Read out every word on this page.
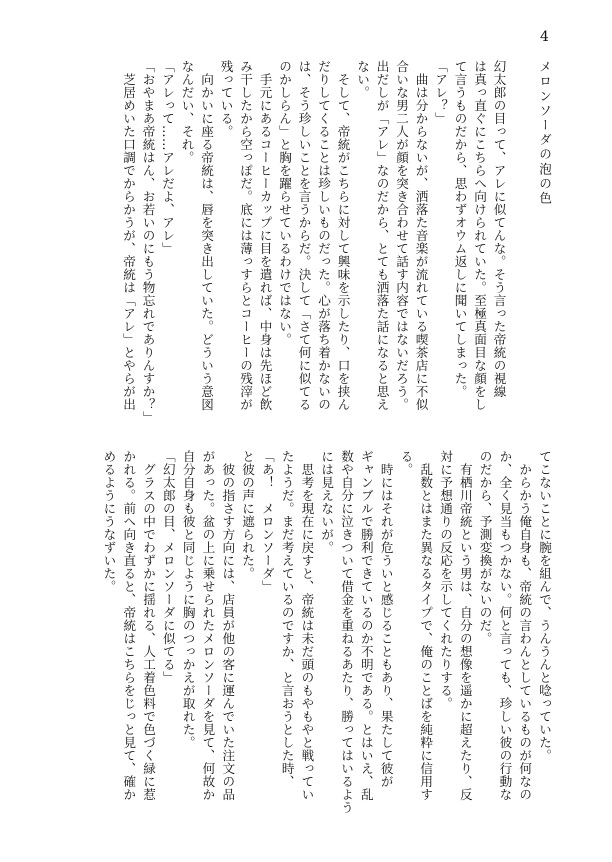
4
メロンソーダの泡の色
幻太郎の目って、アレに似てんな。そう言った帝統の視線
は真っ直ぐにこちらへ向けられていた。至極真面目な顔をし
て言うものだから、思わずオウム返しに聞いてしまった。
「アレ？」
　曲は分からないが、洒落た音楽が流れている喫茶店に不似
合いな男二人が顔を突き合わせて話す内容ではないだろう。
出だしが「アレ」なのだから、とても洒落た話になると思え
ない。
　そして、帝統がこちらに対して興味を示したり、口を挟ん
だりしてくることは珍しいものだった。心が落ち着かないの
は、そう珍しいことを言うからだ。決して「さて何に似てる
のかしらん」と胸を躍らせているわけではない。
　手元にあるコーヒーカップに目を遣れば、中身は先ほど飲
み干したから空っぽだ。底には薄っすらとコーヒーの残滓が
残っている。
　向かいに座る帝統は、唇を突き出していた。どういう意図
なんだい、それ。
「アレって……アレだよ、アレ」
「おやまあ帝統はん、お若いのにもう物忘れでありんすか？」
　芝居めいた口調でからかうが、帝統は「アレ」とやらが出
てこないことに腕を組んで、うんうんと唸っていた。
　からかう俺自身も、帝統の言わんとしているものが何なの
か、全く見当もつかない。何と言っても、珍しい彼の行動な
のだから、予測変換がないのだ。
　有栖川帝統という男は、自分の想像を遥かに超えたり、反
対に予想通りの反応を示してくれたりする。
　乱数とはまた異なるタイプで、俺のことばを純粋に信用す
る。
　時にはそれが危ういと感じることもあり、果たして彼が
ギャンブルで勝利できているのか不明である。とはいえ、乱
数や自分に泣きついて借金を重ねるあたり、勝ってはいるよう
には見えないが。
　思考を現在に戻すと、帝統は未だ頭のもやもやと戦ってい
たようだ。まだ考えているのですか、と言おうとした時、
「あ！　メロンソーダ」
と彼の声に遮られた。
　彼の指さす方向には、店員が他の客に運んでいた注文の品
があった。盆の上に乗せられたメロンソーダを見て、何故か
自分自身も彼と同じように胸のつっかえが取れた。
「幻太郎の目、メロンソーダに似てる」
　グラスの中でわずかに揺れる、人工着色料で色づく緑に惹
かれる。前へ向き直ると、帝統はこちらをじっと見て、確か
めるようにうなずいた。
